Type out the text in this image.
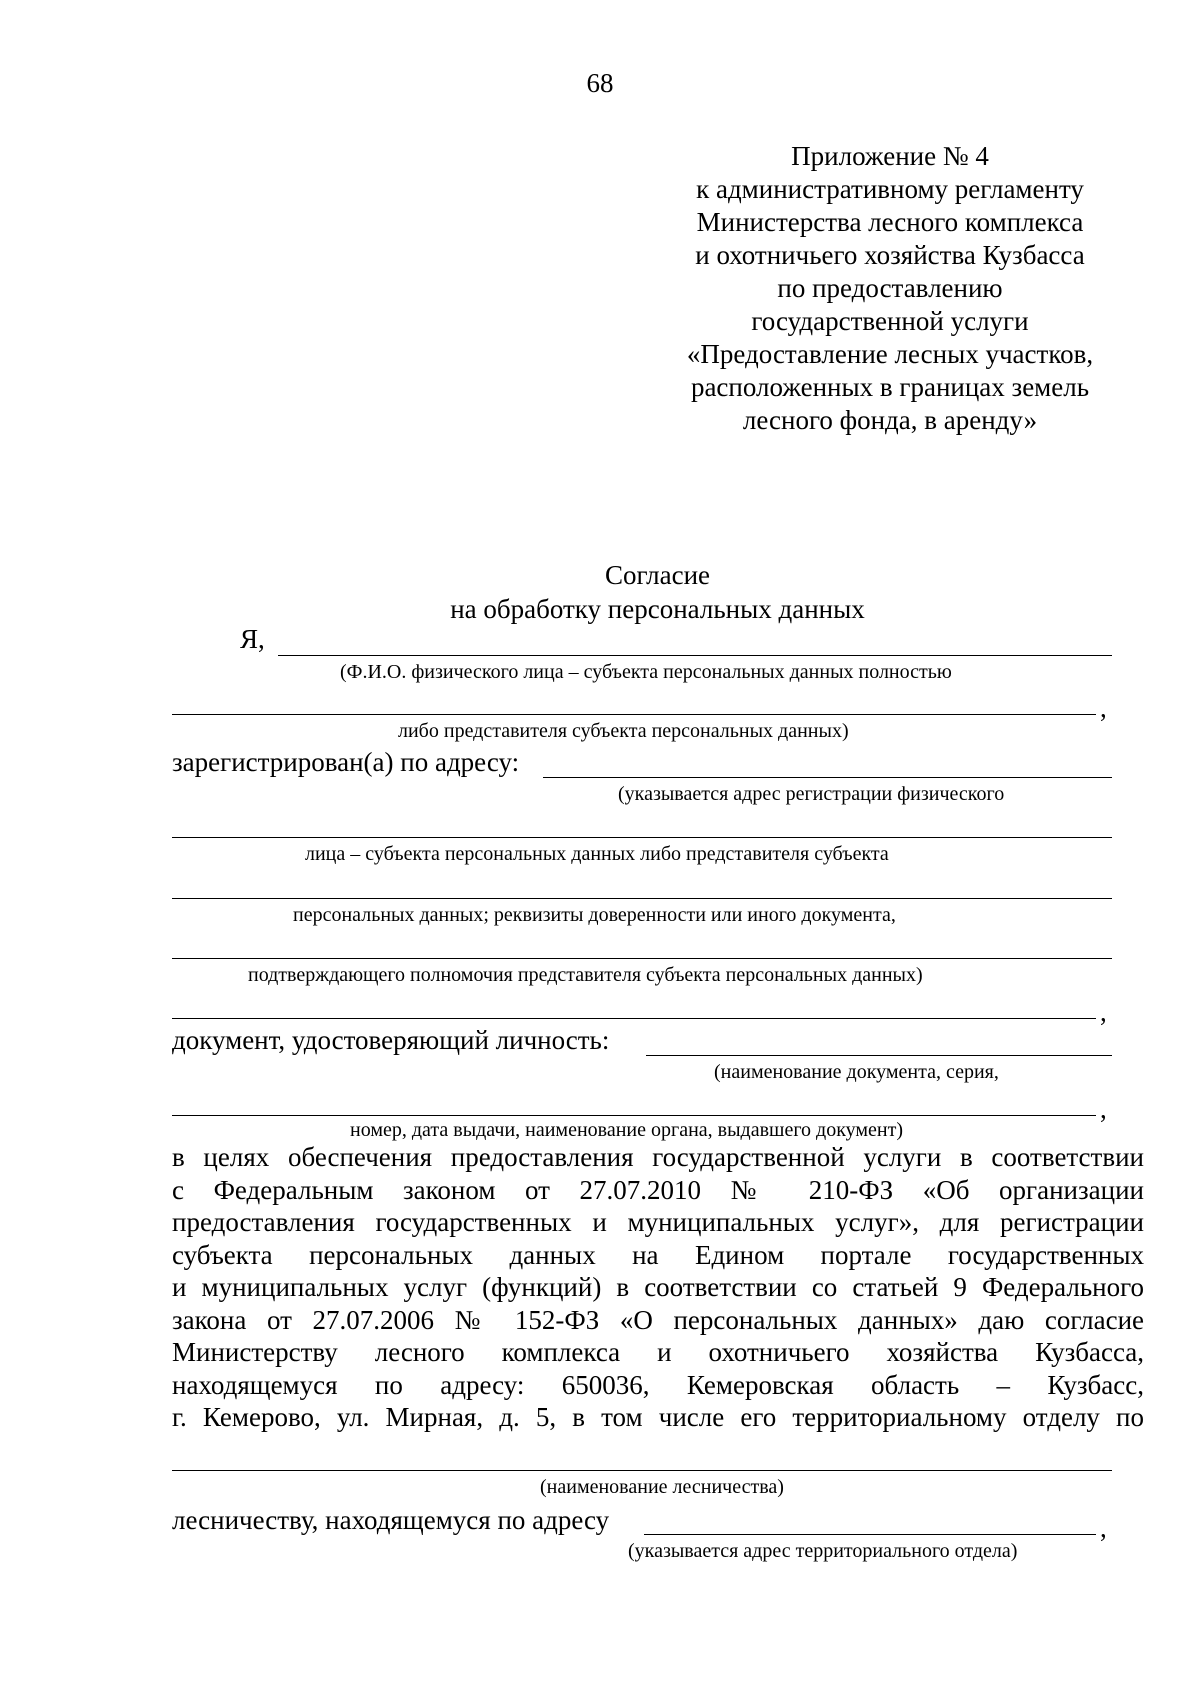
68
Приложение № 4
к административному регламенту
Министерства лесного комплекса
и охотничьего хозяйства Кузбасса
по предоставлению
государственной услуги
«Предоставление лесных участков,
расположенных в границах земель
лесного фонда, в аренду»
Согласие
на обработку персональных данных
Я,
(Ф.И.О. физического лица – субъекта персональных данных полностью
,
либо представителя субъекта персональных данных)
зарегистрирован(а) по адресу:
(указывается адрес регистрации физического
лица – субъекта персональных данных либо представителя субъекта
персональных данных; реквизиты доверенности или иного документа,
подтверждающего полномочия представителя субъекта персональных данных)
,
документ, удостоверяющий личность:
(наименование документа, серия,
,
номер, дата выдачи, наименование органа, выдавшего документ)
в целях обеспечения предоставления государственной услуги в соответствии
с Федеральным законом от 27.07.2010 № 210-ФЗ «Об организации
предоставления государственных и муниципальных услуг», для регистрации
субъекта персональных данных на Едином портале государственных
и муниципальных услуг (функций) в соответствии со статьей 9 Федерального
закона от 27.07.2006 № 152-ФЗ «О персональных данных» даю согласие
Министерству лесного комплекса и охотничьего хозяйства Кузбасса,
находящемуся по адресу: 650036, Кемеровская область – Кузбасс,
г. Кемерово, ул. Мирная, д. 5, в том числе его территориальному отделу по
(наименование лесничества)
лесничеству, находящемуся по адресу	,
(указывается адрес территориального отдела)
